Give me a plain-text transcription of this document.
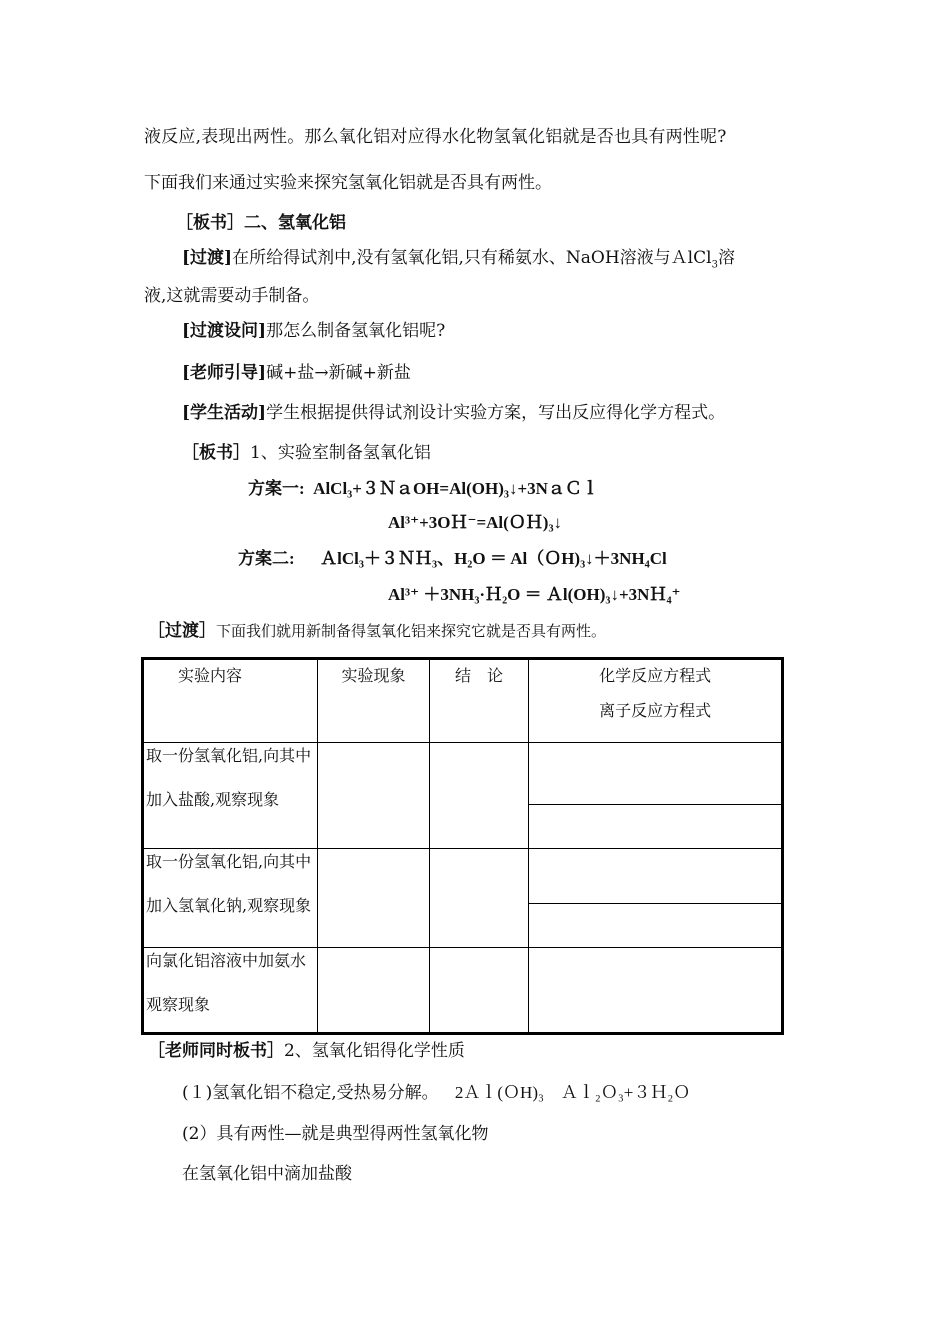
液反应,表现出两性。那么氧化铝对应得水化物氢氧化铝就是否也具有两性呢?
下面我们来通过实验来探究氢氧化铝就是否具有两性。
［板书］二、氢氧化铝
[过渡]在所给得试剂中,没有氢氧化铝,只有稀氨水、NaOH溶液与ＡlCl$_3$溶
液,这就需要动手制备。
[过渡设问]那怎么制备氢氧化铝呢?
[老师引导]碱+盐→新碱+新盐
[学生活动]学生根据提供得试剂设计实验方案，写出反应得化学方程式。
［板书］1、实验室制备氢氧化铝
方案一: AlCl₃+３ＮａOH=Al(OH)₃↓+3NａＣｌ
Al³⁺+3OＨ⁻=Al(ＯＨ)₃↓
方案二: ＡlCl₃＋３ＮＨ₃、H₂O ＝ Al（ＯH)₃↓＋3NH₄Cl
Al³⁺ ＋3NH₃·Ｈ₂O ＝ Ａl(OH)₃↓+3NＨ₄⁺
［过渡］下面我们就用新制备得氢氧化铝来探究它就是否具有两性。
实验内容	实验现象	结　论	化学反应方程式
离子反应方程式

取一份氢氧化铝,向其中
加入盐酸,观察现象			

取一份氢氧化铝,向其中
加入氢氧化钠,观察现象			

向氯化铝溶液中加氨水
观察现象			

［老师同时板书］2、氢氧化铝得化学性质
(１)氢氧化铝不稳定,受热易分解。 2Ａｌ(ＯH)₃　Ａｌ₂Ｏ₃+３Ｈ₂Ｏ
(2）具有两性—就是典型得两性氢氧化物
在氢氧化铝中滴加盐酸
